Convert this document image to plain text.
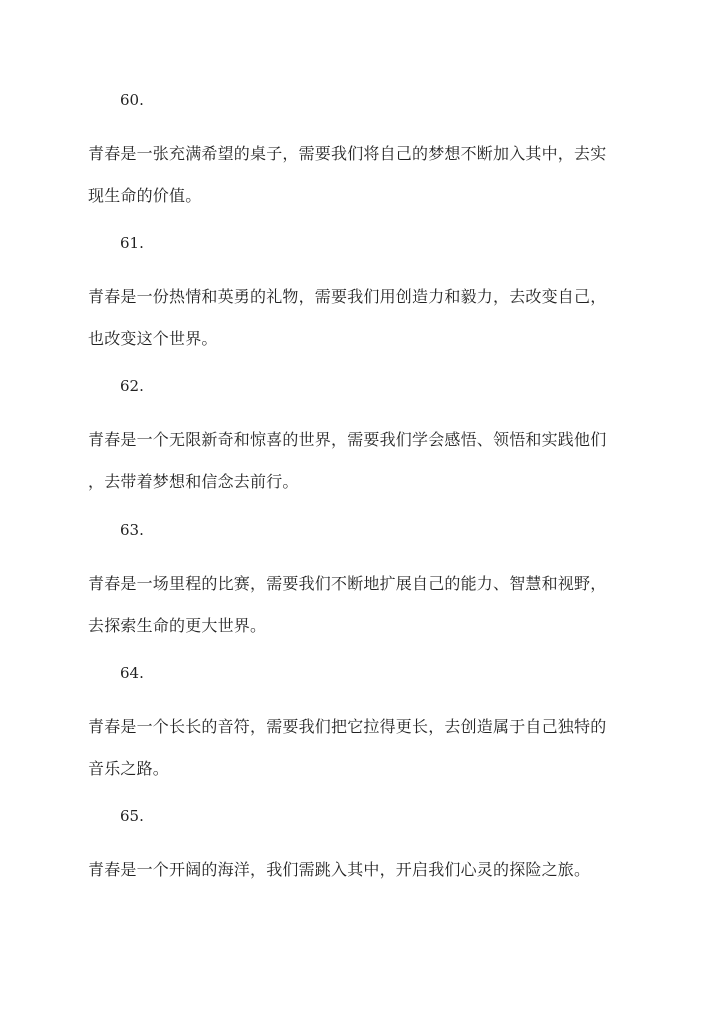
60.
青春是一张充满希望的桌子，需要我们将自己的梦想不断加入其中，去实
现生命的价值。
61.
青春是一份热情和英勇的礼物，需要我们用创造力和毅力，去改变自己，
也改变这个世界。
62.
青春是一个无限新奇和惊喜的世界，需要我们学会感悟、领悟和实践他们
，去带着梦想和信念去前行。
63.
青春是一场里程的比赛，需要我们不断地扩展自己的能力、智慧和视野，
去探索生命的更大世界。
64.
青春是一个长长的音符，需要我们把它拉得更长，去创造属于自己独特的
音乐之路。
65.
青春是一个开阔的海洋，我们需跳入其中，开启我们心灵的探险之旅。
